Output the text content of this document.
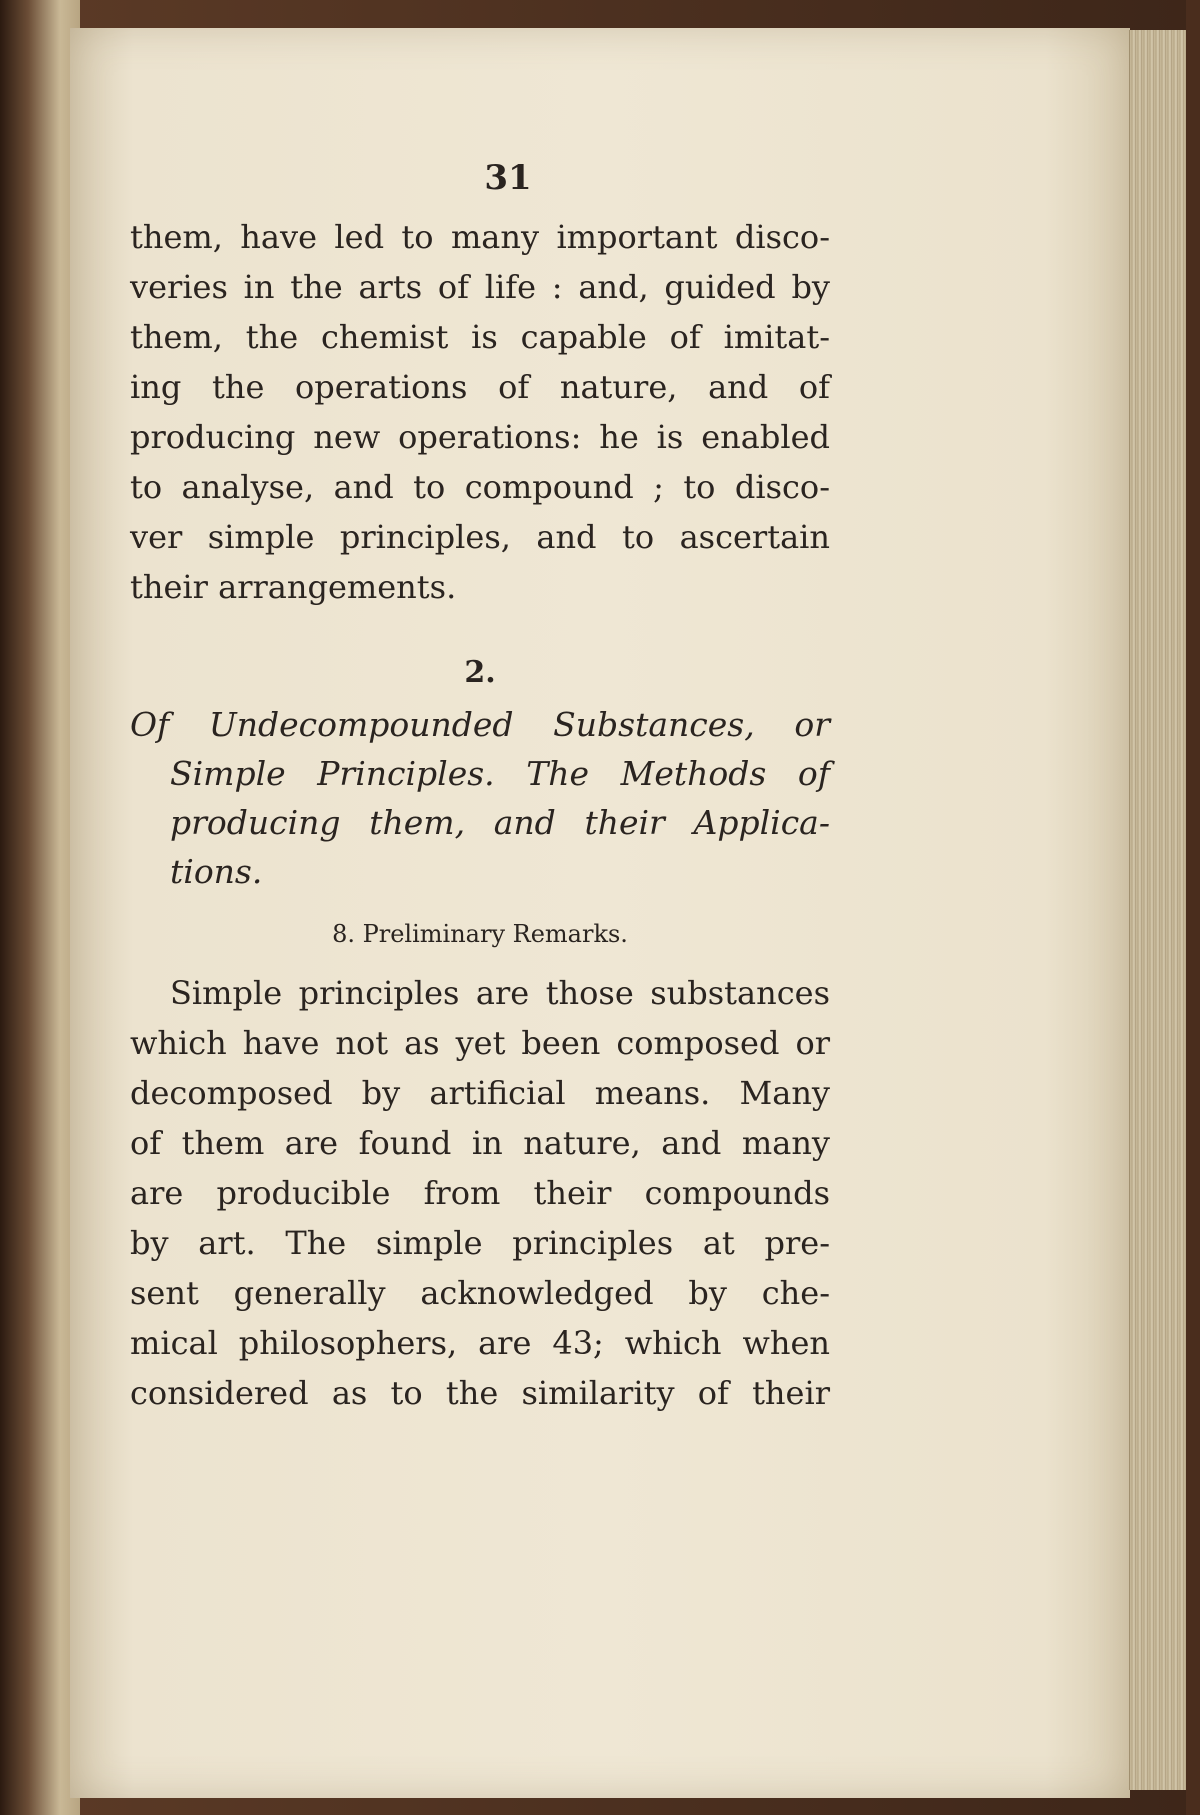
31
them, have led to many important disco-
veries in the arts of life : and, guided by
them, the chemist is capable of imitat-
ing the operations of nature, and of
producing new operations: he is enabled
to analyse, and to compound ; to disco-
ver simple principles, and to ascertain
their arrangements.
2.
Of Undecompounded Substances, or
Simple Principles. The Methods of
producing them, and their Applica-
tions.
8. Preliminary Remarks.
Simple principles are those substances
which have not as yet been composed or
decomposed by artificial means. Many
of them are found in nature, and many
are producible from their compounds
by art. The simple principles at pre-
sent generally acknowledged by che-
mical philosophers, are 43; which when
considered as to the similarity of their
